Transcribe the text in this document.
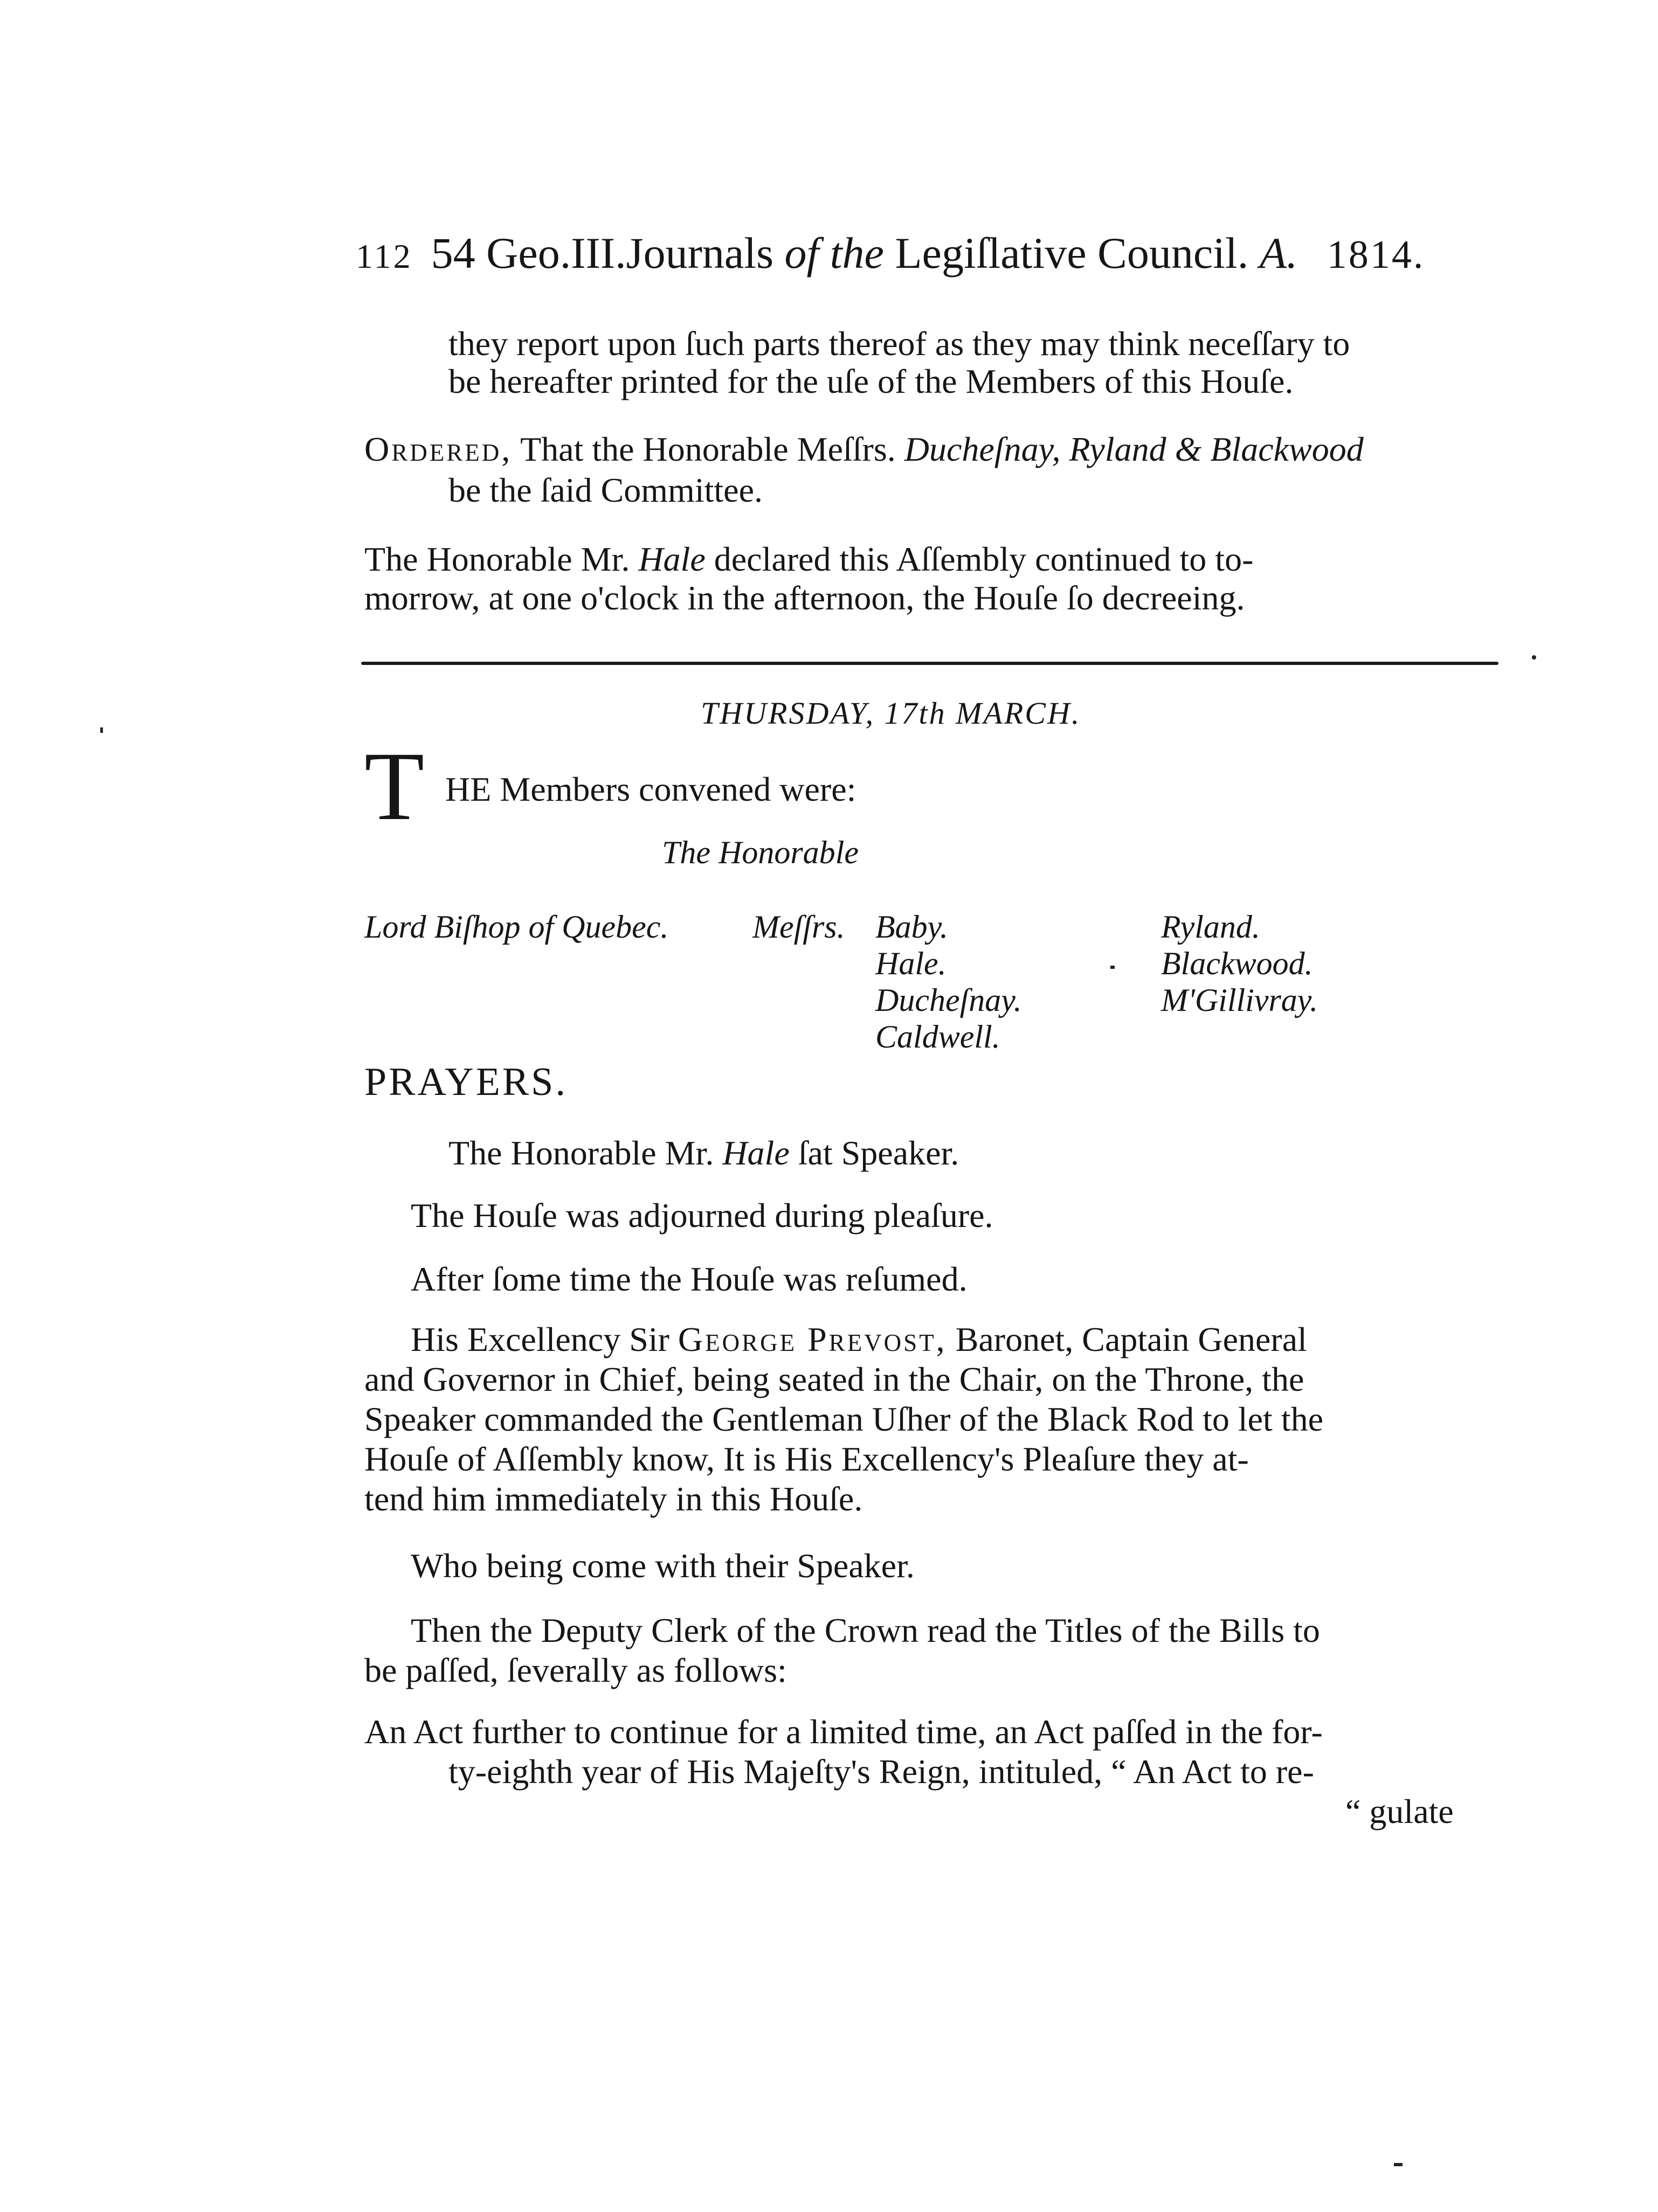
112 54 Geo.III.Journals of the Legiſlative Council. A. 1814.
they report upon ſuch parts thereof as they may think neceſſary to
be hereafter printed for the uſe of the Members of this Houſe.
Ordered, That the Honorable Meſſrs. Ducheſnay, Ryland & Blackwood
be the ſaid Committee.
The Honorable Mr. Hale declared this Aſſembly continued to to-
morrow, at one o'clock in the afternoon, the Houſe ſo decreeing.
THURSDAY, 17th MARCH.
T HE Members convened were:
The Honorable
Lord Biſhop of Quebec.	Meſſrs. Baby.
Hale.
Ducheſnay.
Caldwell.
Ryland.
Blackwood.
M'Gillivray.
PRAYERS.
The Honorable Mr. Hale ſat Speaker.
The Houſe was adjourned during pleaſure.
After ſome time the Houſe was reſumed.
His Excellency Sir George Prevost, Baronet, Captain General
and Governor in Chief, being seated in the Chair, on the Throne, the
Speaker commanded the Gentleman Uſher of the Black Rod to let the
Houſe of Aſſembly know, It is His Excellency's Pleaſure they at-
tend him immediately in this Houſe.
Who being come with their Speaker.
Then the Deputy Clerk of the Crown read the Titles of the Bills to
be paſſed, ſeverally as follows:
An Act further to continue for a limited time, an Act paſſed in the for-
ty-eighth year of His Majeſty's Reign, intituled, “ An Act to re-
“ gulate
